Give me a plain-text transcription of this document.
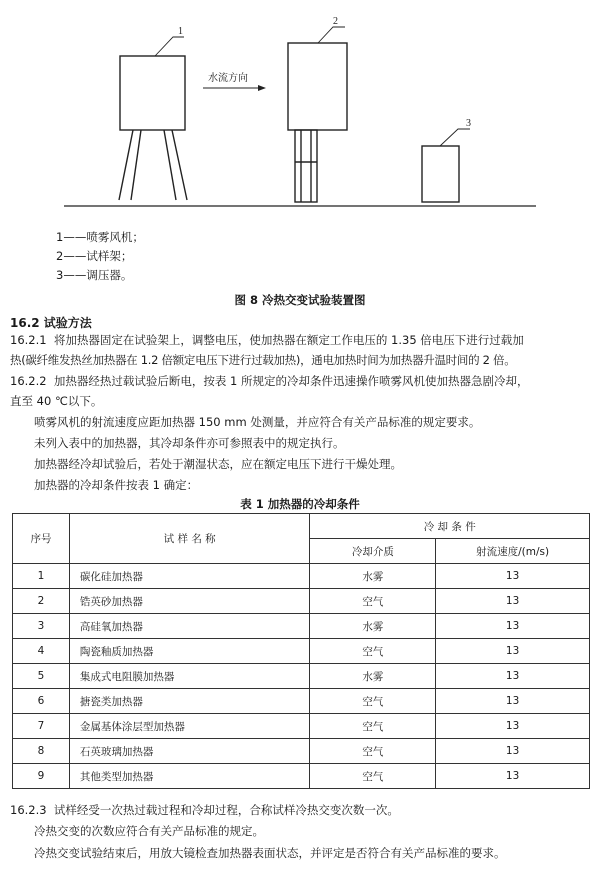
1
2
3
水流方向
1——喷雾风机；
2——试样架；
3——调压器。
图 8 冷热交变试验装置图
16.2 试验方法
16.2.1 将加热器固定在试验架上，调整电压，使加热器在额定工作电压的 1.35 倍电压下进行过载加
热(碳纤维发热丝加热器在 1.2 倍额定电压下进行过载加热)，通电加热时间为加热器升温时间的 2 倍。
16.2.2 加热器经热过载试验后断电，按表 1 所规定的冷却条件迅速操作喷雾风机使加热器急剧冷却，
直至 40 ℃以下。
喷雾风机的射流速度应距加热器 150 mm 处测量，并应符合有关产品标准的规定要求。
未列入表中的加热器，其冷却条件亦可参照表中的规定执行。
加热器经冷却试验后，若处于潮湿状态，应在额定电压下进行干燥处理。
加热器的冷却条件按表 1 确定：
表 1 加热器的冷却条件
序号	试 样 名 称	冷 却 条 件	
		冷却介质	射流速度/(m/s)
1	碳化硅加热器	水雾	13
2	锆英砂加热器	空气	13
3	高硅氧加热器	水雾	13
4	陶瓷釉质加热器	空气	13
5	集成式电阻膜加热器	水雾	13
6	搪瓷类加热器	空气	13
7	金属基体涂层型加热器	空气	13
8	石英玻璃加热器	空气	13
9	其他类型加热器	空气	13
16.2.3 试样经受一次热过载过程和冷却过程，合称试样冷热交变次数一次。
冷热交变的次数应符合有关产品标准的规定。
冷热交变试验结束后，用放大镜检查加热器表面状态，并评定是否符合有关产品标准的要求。
